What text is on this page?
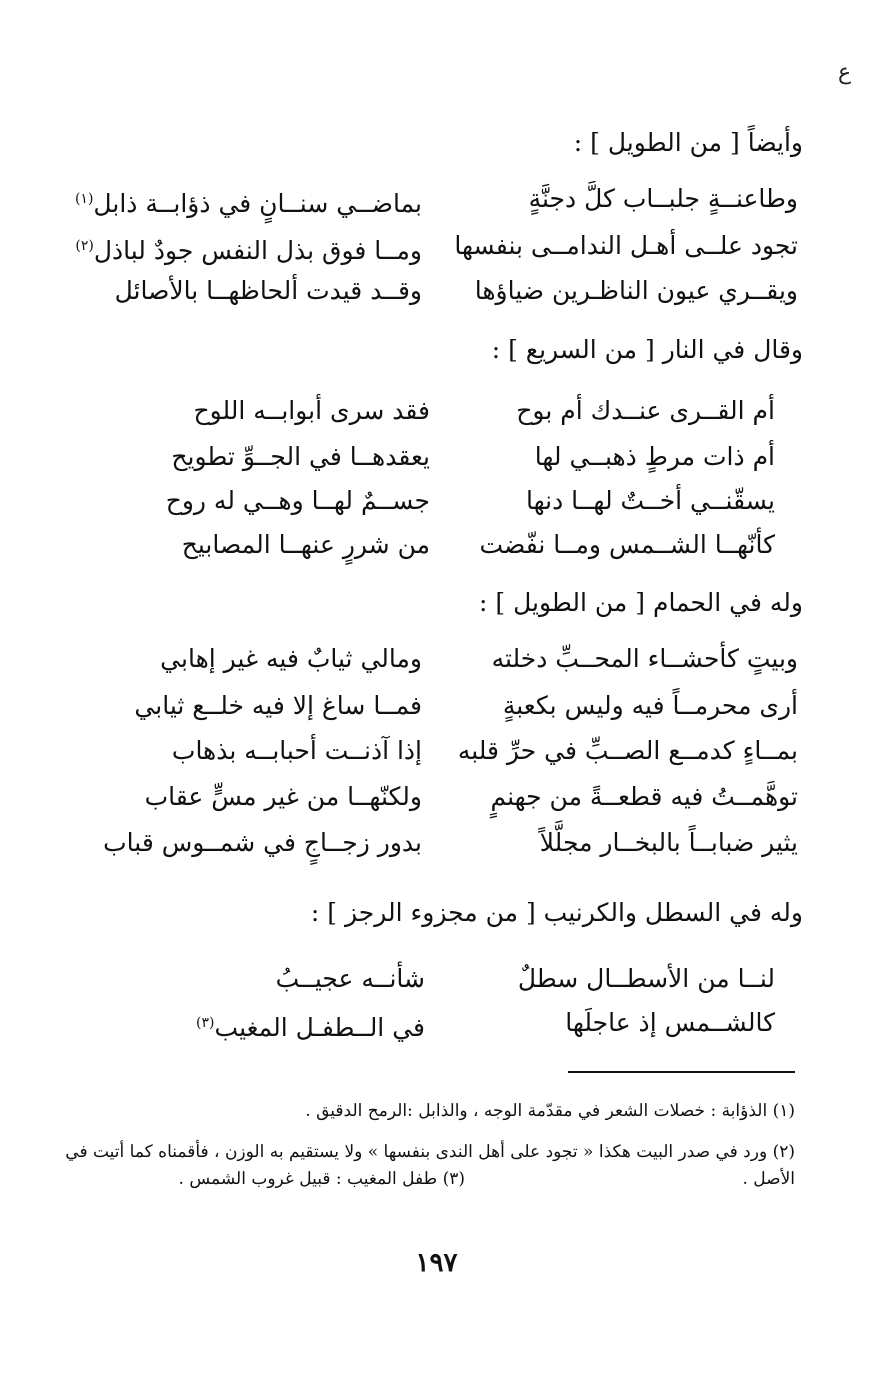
ع
وأيضاً [ من الطويل ] :
وطاعنــةٍ جلبــاب كلَّ دجنَّةٍ
بماضــي سنــانٍ في ذؤابــة ذابل(١)
تجود علــى أهـل الندامــى بنفسها
ومــا فوق بذل النفس جودٌ لباذل(٢)
ويقــري عيون الناظـرين ضياؤها
وقــد قيدت ألحاظهــا بالأصائل
وقال في النار [ من السريع ] :
أم القــرى عنــدك أم بوح
فقد سرى أبوابــه اللوح
أم ذات مرطٍ ذهبــي لها
يعقدهــا في الجــوِّ تطويح
يسقّنــي أخــتٌ لهــا دنها
جســمٌ لهــا وهــي له روح
كأنّهــا الشــمس ومــا نفّضت
من شررٍ عنهــا المصابيح
وله في الحمام [ من الطويل ] :
وبيتٍ كأحشــاء المحــبِّ دخلته
ومالي ثيابٌ فيه غير إهابي
أرى محرمــاً فيه وليس بكعبةٍ
فمــا ساغ إلا فيه خلــع ثيابي
بمــاءٍ كدمــع الصــبِّ في حرِّ قلبه
إذا آذنــت أحبابــه بذهاب
توهَّمــتُ فيه قطعــةً من جهنمٍ
ولكنّهــا من غير مسٍّ عقاب
يثير ضبابــاً بالبخــار مجلَّلاً
بدور زجــاجٍ في شمــوس قباب
وله في السطل والكرنيب [ من مجزوء الرجز ] :
لنــا من الأسطــال سطلٌ
شأنــه عجيــبُ
كالشــمس إذ عاجلَها
في الــطفـل المغيب(٣)
(١) الذؤابة : خصلات الشعر في مقدّمة الوجه ، والذابل :الرمح الدقيق .
(٢) ورد في صدر البيت هكذا « تجود على أهل الندى بنفسها » ولا يستقيم به الوزن ، فأقمناه كما أتيت في
الأصل .
(٣) طفل المغيب : قبيل غروب الشمس .
١٩٧
